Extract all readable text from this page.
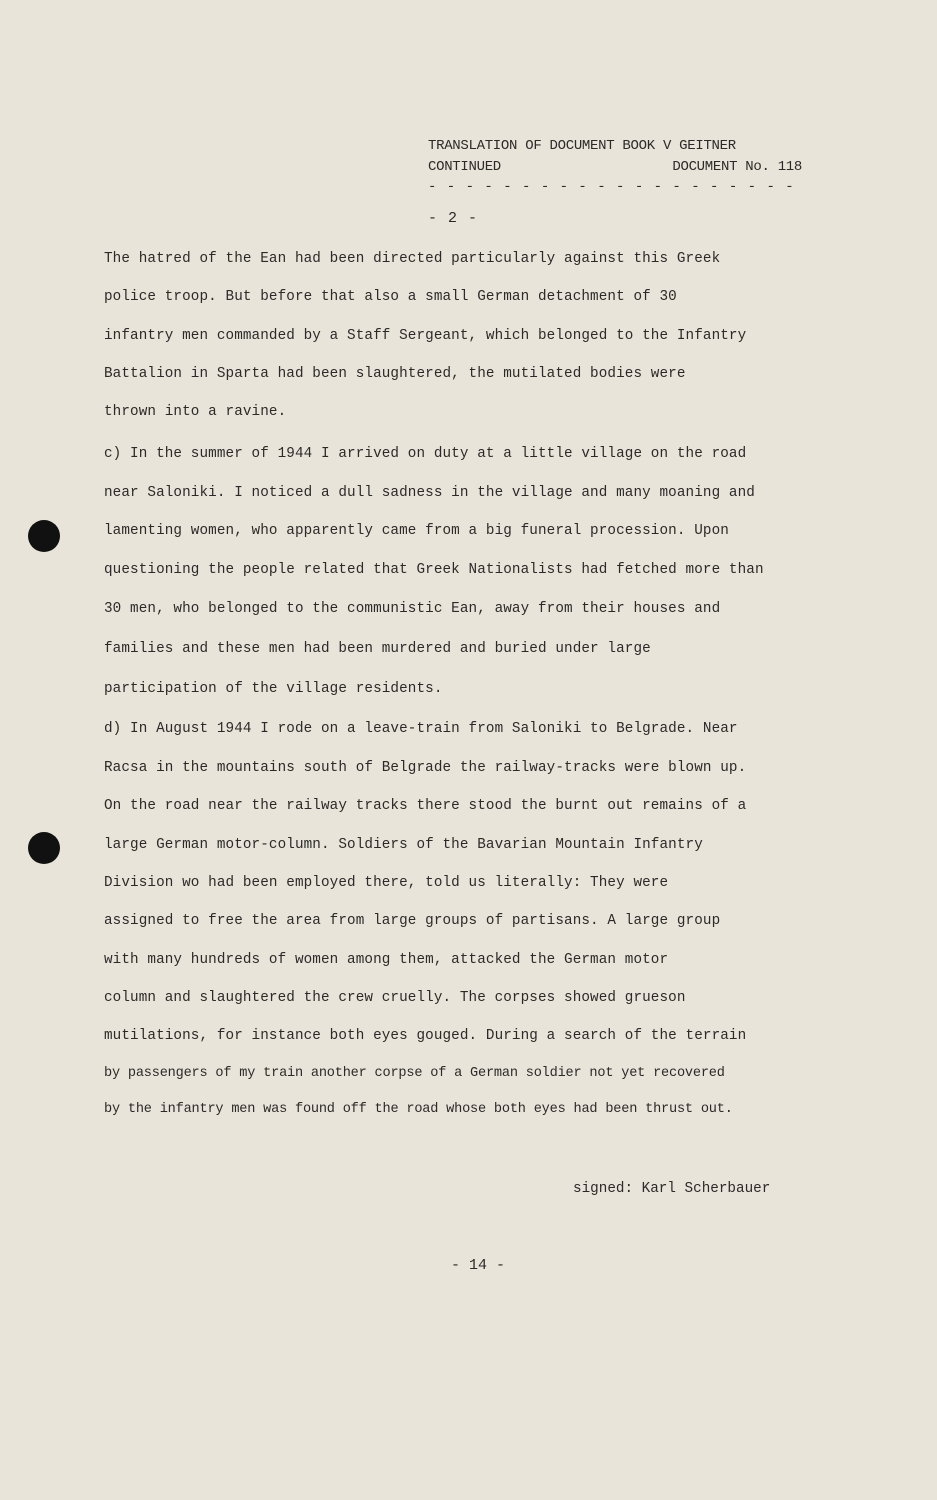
TRANSLATION OF DOCUMENT BOOK V GEITNER
CONTINUED	DOCUMENT No. 118
- - - - - - - - - - - - - - - - - - - -
- 2 -
The hatred of the Ean had been directed particularly against this Greek
police troop. But before that also a small German detachment of 30
infantry men commanded by a Staff Sergeant, which belonged to the Infantry
Battalion in Sparta had been slaughtered, the mutilated bodies were
thrown into a ravine.
c) In the summer of 1944 I arrived on duty at a little village on the road
near Saloniki. I noticed a dull sadness in the village and many moaning and
lamenting women, who apparently came from a big funeral procession. Upon
questioning the people related that Greek Nationalists had fetched more than
30 men, who belonged to the communistic Ean, away from their houses and
families and these men had been murdered and buried under large
participation of the village residents.
d) In August 1944 I rode on a leave-train from Saloniki to Belgrade. Near
Racsa in the mountains south of Belgrade the railway-tracks were blown up.
On the road near the railway tracks there stood the burnt out remains of a
large German motor-column. Soldiers of the Bavarian Mountain Infantry
Division wo had been employed there, told us literally: They were
assigned to free the area from large groups of partisans. A large group
with many hundreds of women among them, attacked the German motor
column and slaughtered the crew cruelly. The corpses showed grueson
mutilations, for instance both eyes gouged. During a search of the terrain
by passengers of my train another corpse of a German soldier not yet recovered
by the infantry men was found off the road whose both eyes had been thrust out.
signed: Karl Scherbauer
- 14 -
